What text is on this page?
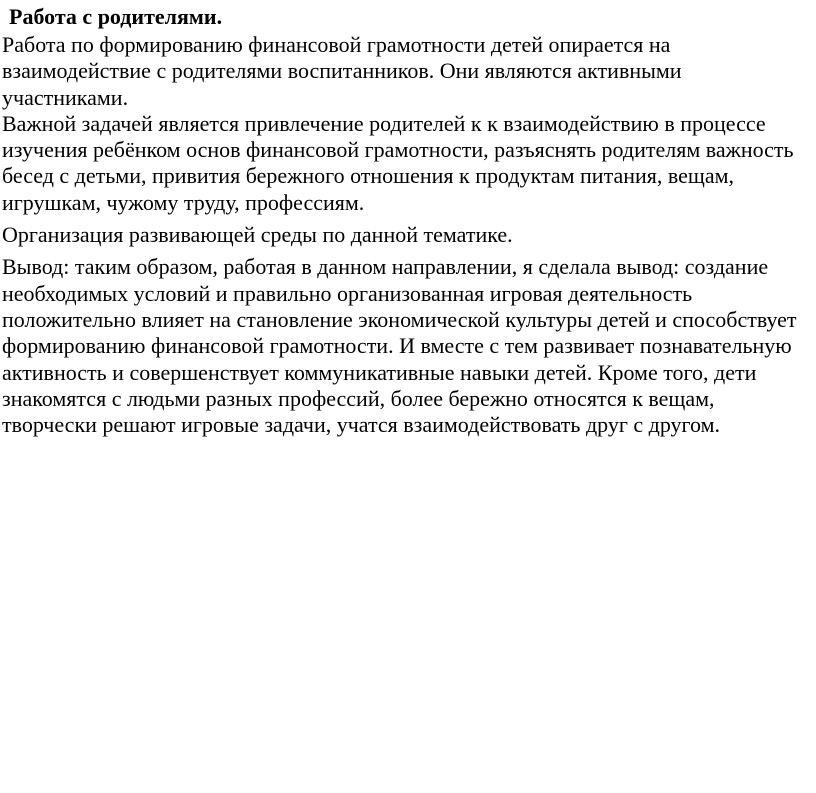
Работа с родителями.

Работа по формированию финансовой грамотности детей опирается на взаимодействие с родителями воспитанников. Они являются активными участниками.

Важной задачей является привлечение родителей к к взаимодействию в процессе изучения ребёнком основ финансовой грамотности, разъяснять родителям важность бесед с детьми, привития бережного отношения к продуктам питания, вещам, игрушкам, чужому труду, профессиям.

Организация развивающей среды по данной тематике.

Вывод: таким образом, работая в данном направлении, я сделала вывод: создание необходимых условий и правильно организованная игровая деятельность положительно влияет на становление экономической культуры детей и способствует формированию финансовой грамотности. И вместе с тем развивает познавательную активность и совершенствует коммуникативные навыки детей. Кроме того, дети знакомятся с людьми разных профессий, более бережно относятся к вещам, творчески решают игровые задачи, учатся взаимодействовать друг с другом.
